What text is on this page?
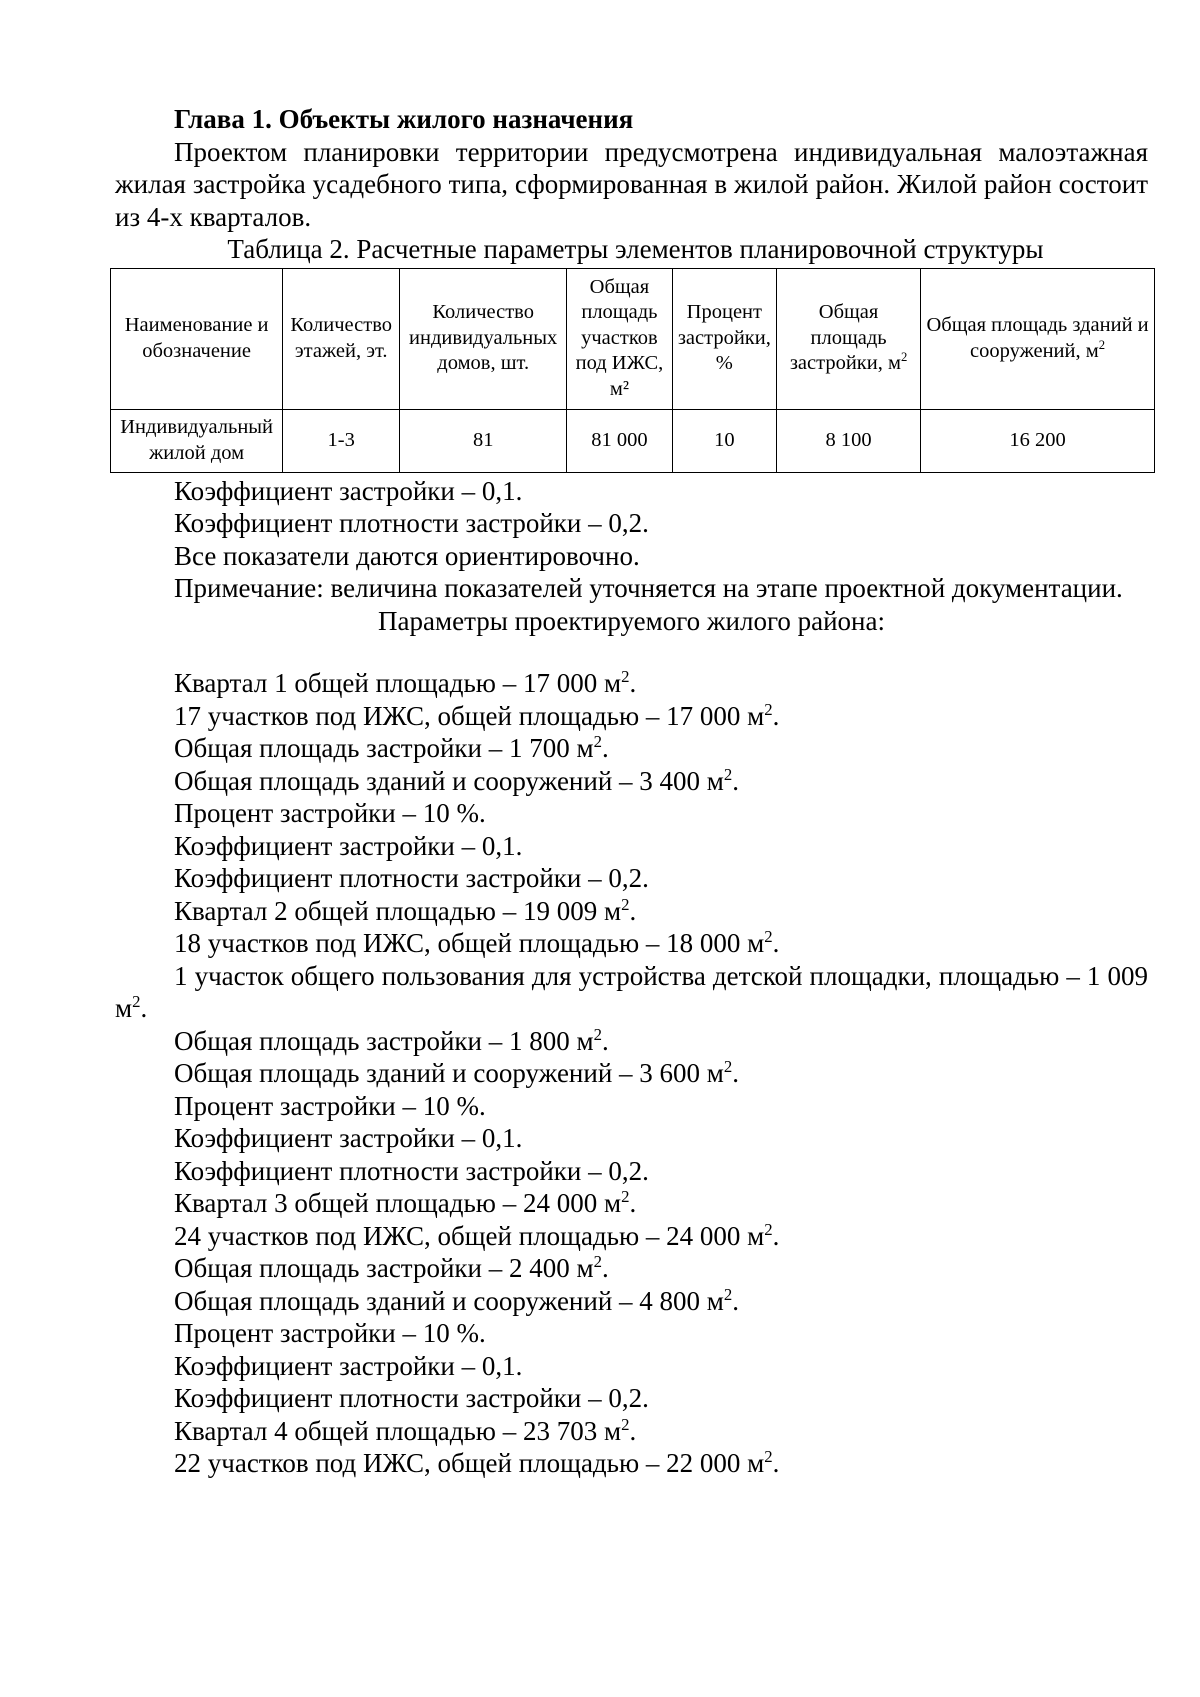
Глава 1. Объекты жилого назначения

Проектом планировки территории предусмотрена индивидуальная малоэтажная жилая застройка усадебного типа, сформированная в жилой район. Жилой район состоит из 4-х кварталов.

Таблица 2. Расчетные параметры элементов планировочной структуры

Наименование и обозначение	Количество этажей, эт.	Количество индивидуальных домов, шт.	Общая площадь участков под ИЖС, м²	Процент застройки, %	Общая площадь застройки, $м^2$	Общая площадь зданий и сооружений, $м^2$
Индивидуальный жилой дом	1-3	81	81 000	10	8 100	16 200

Коэффициент застройки – 0,1.

Коэффициент плотности застройки – 0,2.

Все показатели даются ориентировочно.

Примечание: величина показателей уточняется на этапе проектной документации.

Параметры проектируемого жилого района:

Квартал 1 общей площадью – 17 000 $м^2$.

17 участков под ИЖС, общей площадью – 17 000 $м^2$.

Общая площадь застройки – 1 700 $м^2$.

Общая площадь зданий и сооружений – 3 400 $м^2$.

Процент застройки – 10 %.

Коэффициент застройки – 0,1.

Коэффициент плотности застройки – 0,2.

Квартал 2 общей площадью – 19 009 $м^2$.

18 участков под ИЖС, общей площадью – 18 000 $м^2$.

1 участок общего пользования для устройства детской площадки, площадью – 1 009 $м^2$.

Общая площадь застройки – 1 800 $м^2$.

Общая площадь зданий и сооружений – 3 600 $м^2$.

Процент застройки – 10 %.

Коэффициент застройки – 0,1.

Коэффициент плотности застройки – 0,2.

Квартал 3 общей площадью – 24 000 $м^2$.

24 участков под ИЖС, общей площадью – 24 000 $м^2$.

Общая площадь застройки – 2 400 $м^2$.

Общая площадь зданий и сооружений – 4 800 $м^2$.

Процент застройки – 10 %.

Коэффициент застройки – 0,1.

Коэффициент плотности застройки – 0,2.

Квартал 4 общей площадью – 23 703 $м^2$.

22 участков под ИЖС, общей площадью – 22 000 $м^2$.
